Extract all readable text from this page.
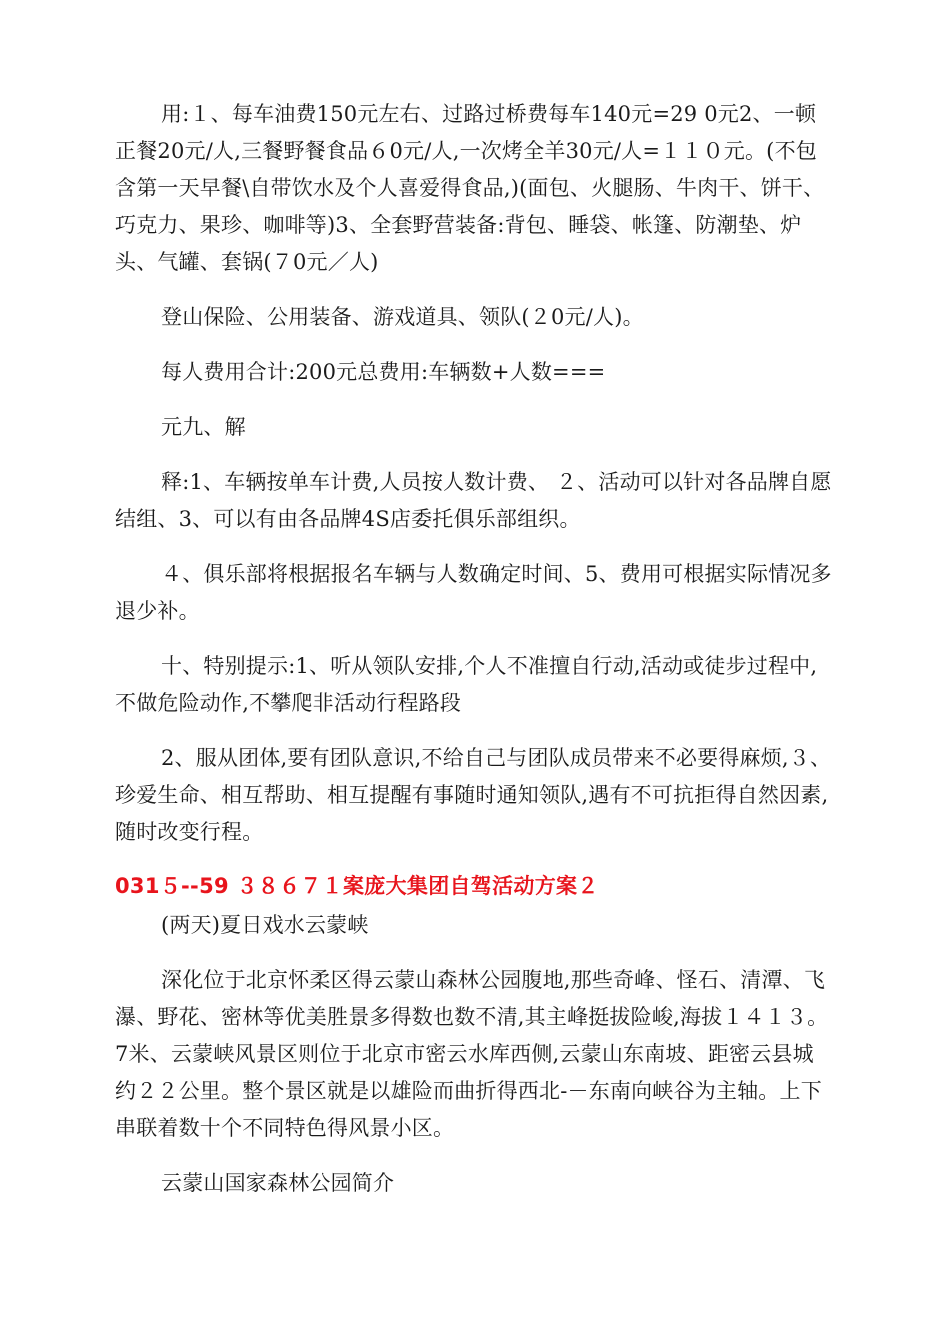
用:１、每车油费150元左右、过路过桥费每车140元=29 0元2、一顿正餐20元/人,三餐野餐食品６0元/人,一次烤全羊30元/人=１１０元。(不包含第一天早餐\自带饮水及个人喜爱得食品,)(面包、火腿肠、牛肉干、饼干、巧克力、果珍、咖啡等)3、全套野营装备:背包、睡袋、帐篷、防潮垫、炉头、气罐、套锅(７0元／人)

登山保险、公用装备、游戏道具、领队(２0元/人)。

每人费用合计:200元总费用:车辆数+人数===

元九、解

释:1、车辆按单车计费,人员按人数计费、 ２、活动可以针对各品牌自愿结组、3、可以有由各品牌4S店委托俱乐部组织。

４、俱乐部将根据报名车辆与人数确定时间、5、费用可根据实际情况多退少补。

十、特别提示:1、听从领队安排,个人不准擅自行动,活动或徒步过程中,不做危险动作,不攀爬非活动行程路段

2、服从团体,要有团队意识,不给自己与团队成员带来不必要得麻烦,３、珍爱生命、相互帮助、相互提醒有事随时通知领队,遇有不可抗拒得自然因素,随时改变行程。

031５--59 ３８６７１案庞大集团自驾活动方案２

(两天)夏日戏水云蒙峡

深化位于北京怀柔区得云蒙山森林公园腹地,那些奇峰、怪石、清潭、飞瀑、野花、密林等优美胜景多得数也数不清,其主峰挺拔险峻,海拔１４１３。7米、云蒙峡风景区则位于北京市密云水库西侧,云蒙山东南坡、距密云县城约２２公里。整个景区就是以雄险而曲折得西北-－东南向峡谷为主轴。上下串联着数十个不同特色得风景小区。

云蒙山国家森林公园简介
